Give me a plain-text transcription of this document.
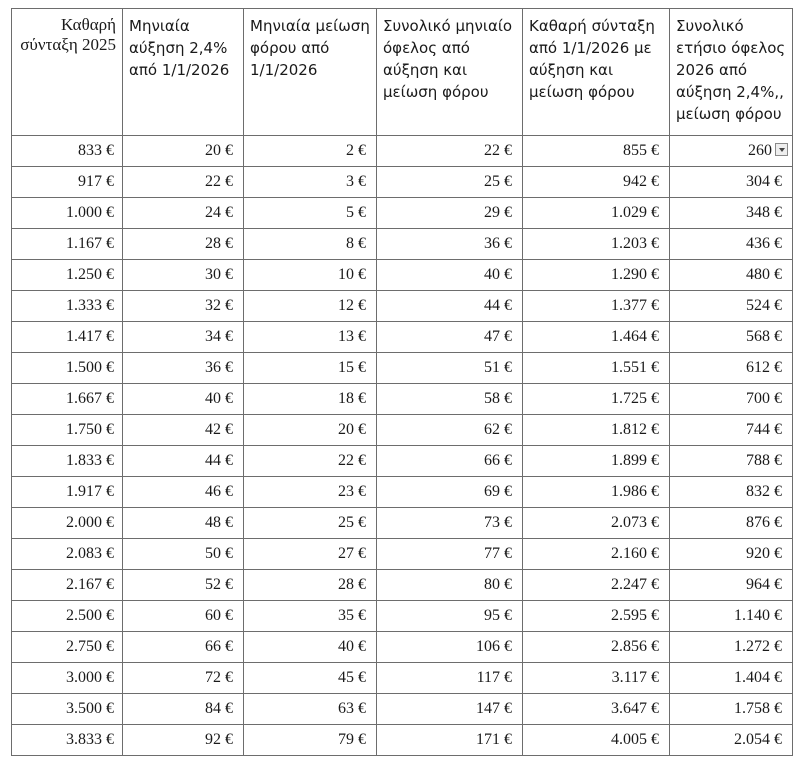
Καθαρή σύνταξη 2025	Μηνιαία αύξηση 2,4% από 1/1/2026	Μηνιαία μείωση φόρου από 1/1/2026	Συνολικό μηνιαίο όφελος από αύξηση και μείωση φόρου	Καθαρή σύνταξη από 1/1/2026 με αύξηση και μείωση φόρου	Συνολικό ετήσιο όφελος 2026 από αύξηση 2,4%,, μείωση φόρου
833 €	20 €	2 €	22 €	855 €	260
917 €	22 €	3 €	25 €	942 €	304 €
1.000 €	24 €	5 €	29 €	1.029 €	348 €
1.167 €	28 €	8 €	36 €	1.203 €	436 €
1.250 €	30 €	10 €	40 €	1.290 €	480 €
1.333 €	32 €	12 €	44 €	1.377 €	524 €
1.417 €	34 €	13 €	47 €	1.464 €	568 €
1.500 €	36 €	15 €	51 €	1.551 €	612 €
1.667 €	40 €	18 €	58 €	1.725 €	700 €
1.750 €	42 €	20 €	62 €	1.812 €	744 €
1.833 €	44 €	22 €	66 €	1.899 €	788 €
1.917 €	46 €	23 €	69 €	1.986 €	832 €
2.000 €	48 €	25 €	73 €	2.073 €	876 €
2.083 €	50 €	27 €	77 €	2.160 €	920 €
2.167 €	52 €	28 €	80 €	2.247 €	964 €
2.500 €	60 €	35 €	95 €	2.595 €	1.140 €
2.750 €	66 €	40 €	106 €	2.856 €	1.272 €
3.000 €	72 €	45 €	117 €	3.117 €	1.404 €
3.500 €	84 €	63 €	147 €	3.647 €	1.758 €
3.833 €	92 €	79 €	171 €	4.005 €	2.054 €
